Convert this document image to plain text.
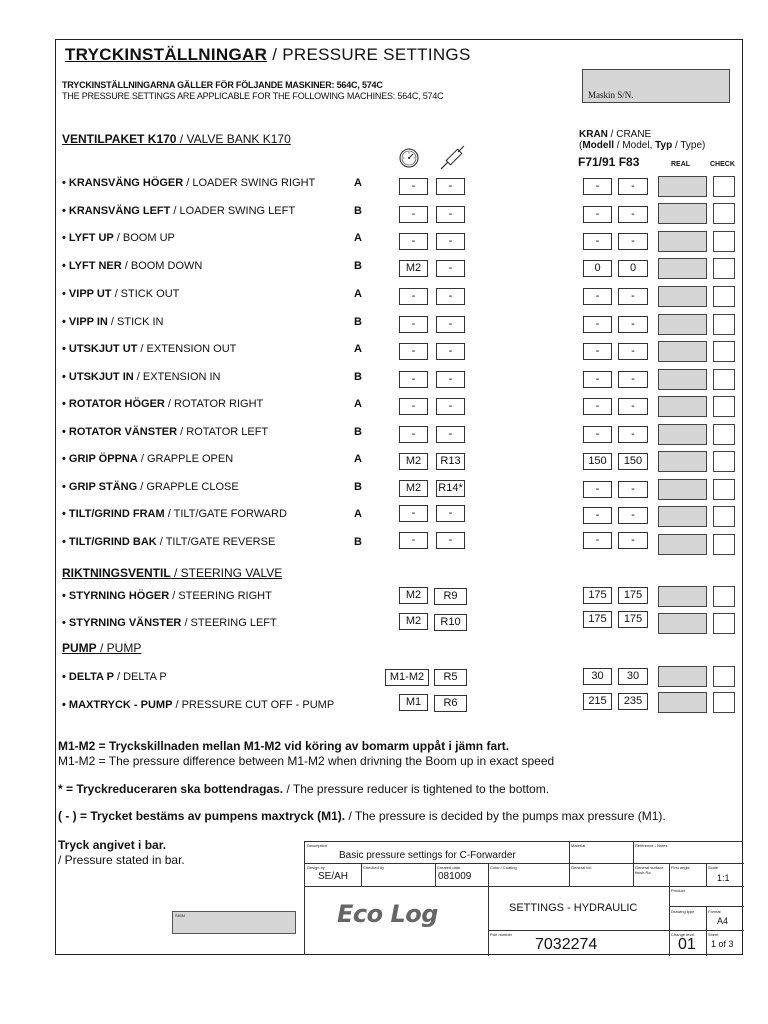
TRYCKINSTÄLLNINGAR / PRESSURE SETTINGS
TRYCKINSTÄLLNINGARNA GÄLLER FÖR FÖLJANDE MASKINER: 564C, 574C
THE PRESSURE SETTINGS ARE APPLICABLE FOR THE FOLLOWING MACHINES: 564C, 574C	Maskin S/N.
VENTILPAKET K170 / VALVE BANK K170	KRAN / CRANE
(Modell / Model, Typ / Type)
F71/91 F83	REAL	CHECK
• KRANSVÄNG HÖGER / LOADER SWING RIGHT	A	-	-	-	-
• KRANSVÄNG LEFT / LOADER SWING LEFT	B	-	-	-	-
• LYFT UP / BOOM UP	A	-	-	-	-
• LYFT NER / BOOM DOWN	B	M2	-	0	0
• VIPP UT / STICK OUT	A	-	-	-	-
• VIPP IN / STICK IN	B	-	-	-	-
• UTSKJUT UT / EXTENSION OUT	A	-	-	-	-
• UTSKJUT IN / EXTENSION IN	B	-	-	-	-
• ROTATOR HÖGER / ROTATOR RIGHT	A	-	-	-	-
• ROTATOR VÄNSTER / ROTATOR LEFT	B	-	-	-	-
• GRIP ÖPPNA / GRAPPLE OPEN	A	M2	R13	150	150
• GRIP STÄNG / GRAPPLE CLOSE	B	M2	R14*	-	-
• TILT/GRIND FRAM / TILT/GATE FORWARD	A	-	-	-	-
• TILT/GRIND BAK / TILT/GATE REVERSE	B	-	-	-	-
RIKTNINGSVENTIL / STEERING VALVE
• STYRNING HÖGER / STEERING RIGHT	M2	R9	175	175
• STYRNING VÄNSTER / STEERING LEFT	M2	R10	175	175
PUMP / PUMP
• DELTA P / DELTA P	M1-M2	R5	30	30
• MAXTRYCK - PUMP / PRESSURE CUT OFF - PUMP	M1	R6	215	235
M1-M2 = Tryckskillnaden mellan M1-M2 vid köring av bomarm uppåt i jämn fart.
M1-M2 = The pressure difference between M1-M2 when drivning the Boom up in exact speed
* = Tryckreduceraren ska bottendragas. / The pressure reducer is tightened to the bottom.
( - ) = Trycket bestäms av pumpens maxtryck (M1). / The pressure is decided by the pumps max pressure (M1).
Tryck angivet i bar.
/ Pressure stated in bar.
SIGN
Description
Basic pressure settings for C-Forwarder
Material	Reference - Notes
Design by
SE/AH
Checked by	Created date
081009
Color / Coating	General tol.	General surface finish Ra
First angle	Scale
1:1
Eco Log
Product
SETTINGS - HYDRAULIC	Drawing type	Format
A4
Part number
7032274
Change level
01
Sheet
1 of 3
